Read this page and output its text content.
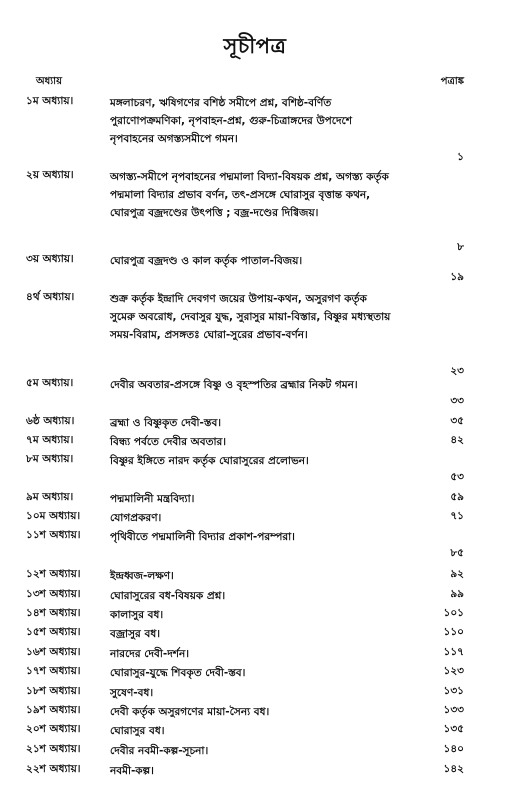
সূচীপত্র
অধ্যায়	পত্রাঙ্ক
১ম অধ্যায়।	মঙ্গলাচরণ, ঋষিগণের বশিষ্ঠ সমীপে প্রশ্ন, বশিষ্ঠ-বর্ণিত পুরাণোপক্রমণিকা, নৃপবাহন-প্রশ্ন, গুরু-চিত্রাঙ্গদের উপদেশে নৃপবাহনের অগস্ত্যসমীপে গমন।
১
২য় অধ্যায়।	অগস্ত্য-সমীপে নৃপবাহনের পদ্মমালা বিদ্যা-বিষয়ক প্রশ্ন, অগস্ত্য কর্তৃক পদ্মমালা বিদ্যার প্রভাব বর্ণন, তৎ-প্রসঙ্গে ঘোরাসুর বৃত্তান্ত কথন, ঘোরপুত্র বজ্রদণ্ডের উৎপত্তি ; বজ্র-দণ্ডের দিগ্বিজয়।
৮
৩য় অধ্যায়।	ঘোরপুত্র বজ্রদণ্ড ও কাল কর্তৃক পাতাল-বিজয়।
১৯
৪র্থ অধ্যায়।	শুক্র কর্তৃক ইন্দ্রাদি দেবগণ জয়ের উপায়-কথন, অসুরগণ কর্তৃক সুমেরু অবরোধ, দেবাসুর যুদ্ধ, সুরাসুর মায়া-বিস্তার, বিষ্ণুর মধ্যস্থতায় সময়-বিরাম, প্রসঙ্গতঃ ঘোরা-সুরের প্রভাব-বর্ণন।
২৩
৫ম অধ্যায়।	দেবীর অবতার-প্রসঙ্গে বিষ্ণু ও বৃহস্পতির ব্রহ্মার নিকট গমন।
৩৩
৬ষ্ঠ অধ্যায়।	ব্রহ্মা ও বিষ্ণুকৃত দেবী-স্তব।	৩৫
৭ম অধ্যায়।	বিন্ধ্য পর্বতে দেবীর অবতার।	৪২
৮ম অধ্যায়।	বিষ্ণুর ইঙ্গিতে নারদ কর্তৃক ঘোরাসুরের প্রলোভন।
৫৩
৯ম অধ্যায়।	পদ্মমালিনী মন্ত্রবিদ্যা।	৫৯
১০ম অধ্যায়।	যোগপ্রকরণ।	৭১
১১শ অধ্যায়।	পৃথিবীতে পদ্মমালিনী বিদ্যার প্রকাশ-পরম্পরা।
৮৫
১২শ অধ্যায়।	ইন্দ্রধ্বজ-লক্ষণ।	৯২
১৩শ অধ্যায়।	ঘোরাসুরের বধ-বিষয়ক প্রশ্ন।	৯৯
১৪শ অধ্যায়।	কালাসুর বধ।	১০১
১৫শ অধ্যায়।	বজ্রাসুর বধ।	১১০
১৬শ অধ্যায়।	নারদের দেবী-দর্শন।	১১৭
১৭শ অধ্যায়।	ঘোরাসুর-যুদ্ধে শিবকৃত দেবী-স্তব।	১২৩
১৮শ অধ্যায়।	সুষেণ-বধ।	১৩১
১৯শ অধ্যায়।	দেবী কর্তৃক অসুরগণের মায়া-সৈন্য বধ।	১৩৩
২০শ অধ্যায়।	ঘোরাসুর বধ।	১৩৫
২১শ অধ্যায়।	দেবীর নবমী-কল্প-সূচনা।	১৪০
২২শ অধ্যায়।	নবমী-কল্প।	১৪২
